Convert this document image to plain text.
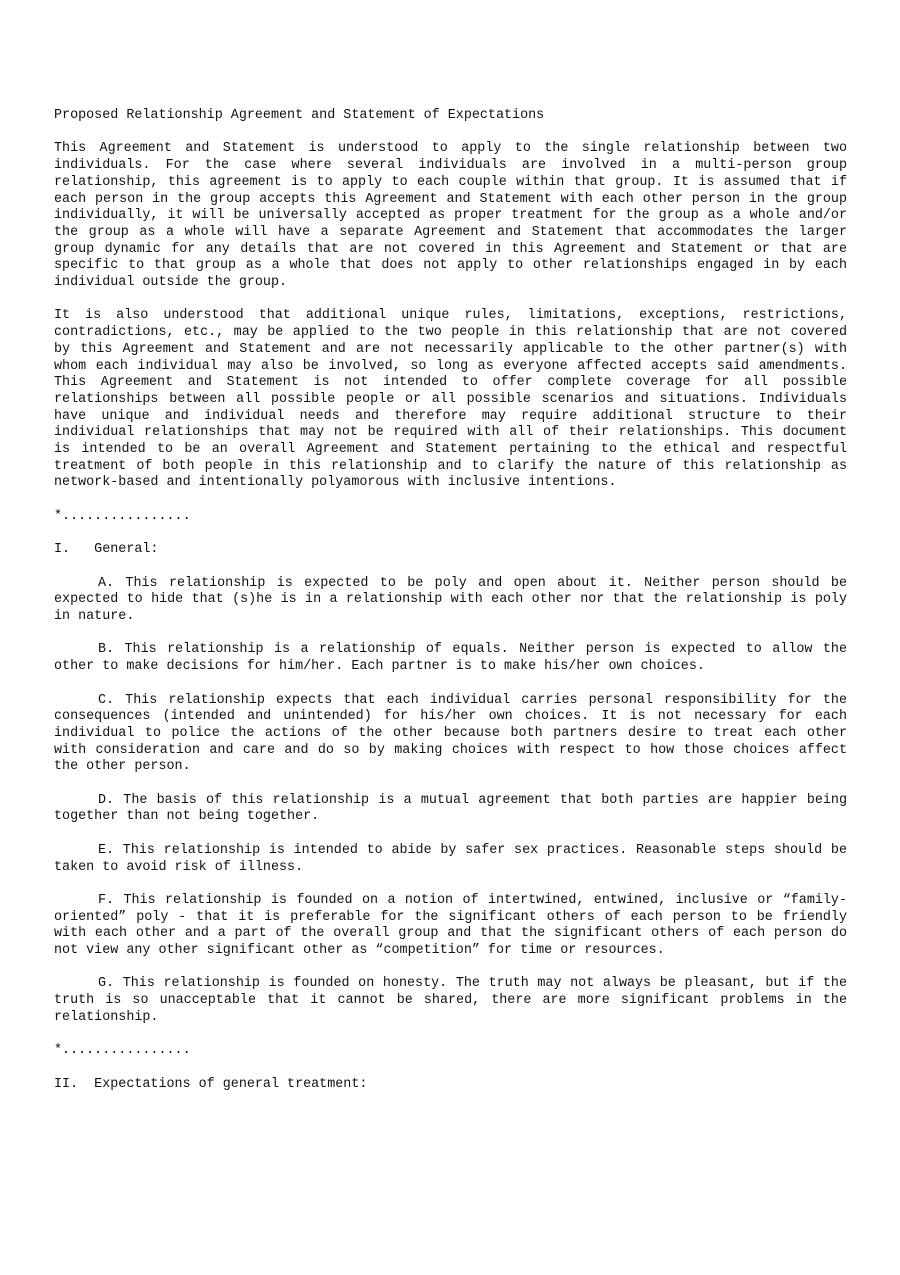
Proposed Relationship Agreement and Statement of Expectations

This Agreement and Statement is understood to apply to the single relationship between two individuals. For the case where several individuals are involved in a multi-person group relationship, this agreement is to apply to each couple within that group. It is assumed that if each person in the group accepts this Agreement and Statement with each other person in the group individually, it will be universally accepted as proper treatment for the group as a whole and/or the group as a whole will have a separate Agreement and Statement that accommodates the larger group dynamic for any details that are not covered in this Agreement and Statement or that are specific to that group as a whole that does not apply to other relationships engaged in by each individual outside the group.

It is also understood that additional unique rules, limitations, exceptions, restrictions, contradictions, etc., may be applied to the two people in this relationship that are not covered by this Agreement and Statement and are not necessarily applicable to the other partner(s) with whom each individual may also be involved, so long as everyone affected accepts said amendments. This Agreement and Statement is not intended to offer complete coverage for all possible relationships between all possible people or all possible scenarios and situations. Individuals have unique and individual needs and therefore may require additional structure to their individual relationships that may not be required with all of their relationships. This document is intended to be an overall Agreement and Statement pertaining to the ethical and respectful treatment of both people in this relationship and to clarify the nature of this relationship as network-based and intentionally polyamorous with inclusive intentions.

*................
I.   General:

A. This relationship is expected to be poly and open about it. Neither person should be expected to hide that (s)he is in a relationship with each other nor that the relationship is poly in nature.

B. This relationship is a relationship of equals. Neither person is expected to allow the other to make decisions for him/her. Each partner is to make his/her own choices.

C. This relationship expects that each individual carries personal responsibility for the consequences (intended and unintended) for his/her own choices. It is not necessary for each individual to police the actions of the other because both partners desire to treat each other with consideration and care and do so by making choices with respect to how those choices affect the other person.

D. The basis of this relationship is a mutual agreement that both parties are happier being together than not being together.

E. This relationship is intended to abide by safer sex practices. Reasonable steps should be taken to avoid risk of illness.

F. This relationship is founded on a notion of intertwined, entwined, inclusive or “family-oriented” poly - that it is preferable for the significant others of each person to be friendly with each other and a part of the overall group and that the significant others of each person do not view any other significant other as “competition” for time or resources.

G. This relationship is founded on honesty. The truth may not always be pleasant, but if the truth is so unacceptable that it cannot be shared, there are more significant problems in the relationship.

*................
II.  Expectations of general treatment:
